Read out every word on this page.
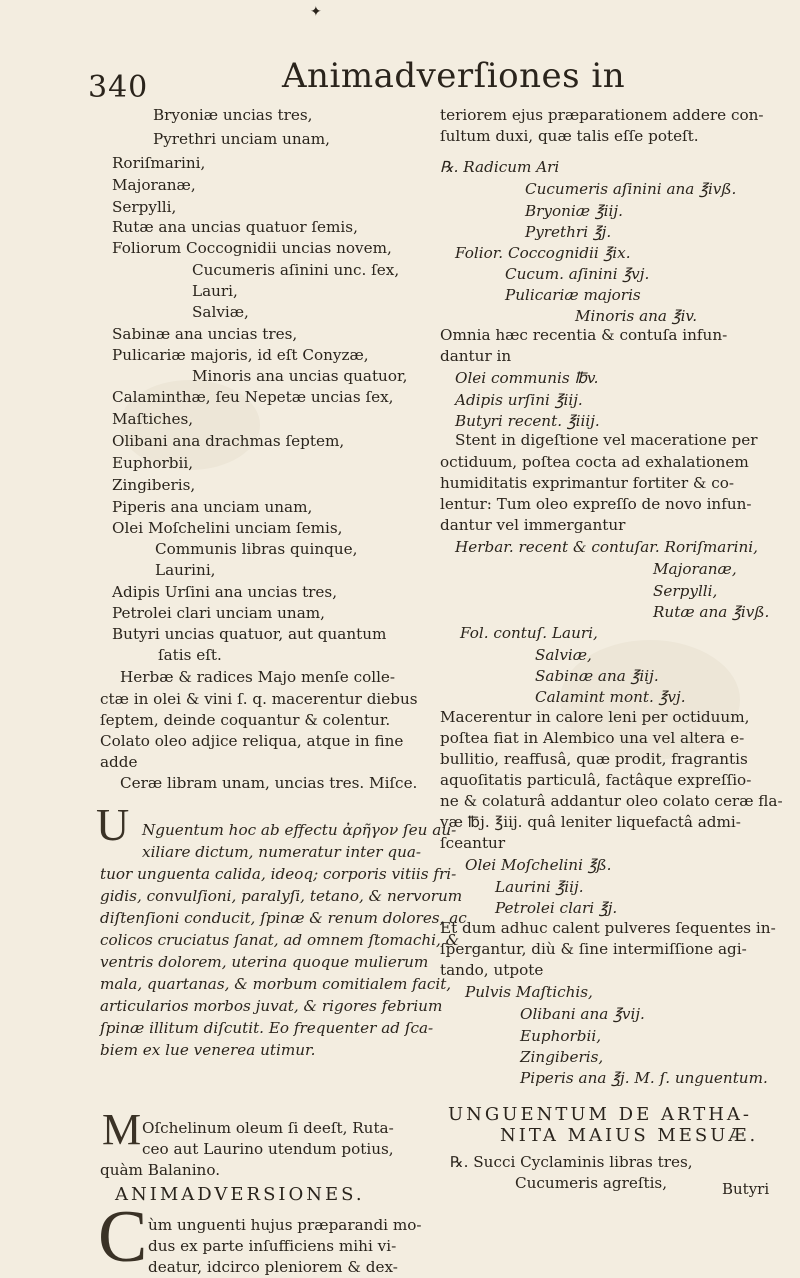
✦
340	Animadverſiones in
U
M
C
Bryoniæ uncias tres,
Pyrethri unciam unam,
Roriſmarini,
Majoranæ,
Serpylli,
Rutæ ana uncias quatuor ſemis,
Foliorum Coccognidii uncias novem,
Cucumeris aſinini unc. ſex,
Lauri,
Salviæ,
Sabinæ ana uncias tres,
Pulicariæ majoris, id eſt Conyzæ,
Minoris ana uncias quatuor,
Calaminthæ, ſeu Nepetæ uncias ſex,
Maſtiches,
Olibani ana drachmas ſeptem,
Euphorbii,
Zingiberis,
Piperis ana unciam unam,
Olei Moſchelini unciam ſemis,
Communis libras quinque,
Laurini,
Adipis Urſini ana uncias tres,
Petrolei clari unciam unam,
Butyri uncias quatuor, aut quantum
ſatis eſt.
Herbæ & radices Majo menſe colle-
ctæ in olei & vini ſ. q. macerentur diebus
ſeptem, deinde coquantur & colentur.
Colato oleo adjice reliqua, atque in fine
adde
Ceræ libram unam, uncias tres. Miſce.
Nguentum hoc ab effectu ἀρῆγον ſeu au-
xiliare dictum, numeratur inter qua-
tuor unguenta calida, ideoq; corporis vitiis fri-
gidis, convulſioni, paralyſi, tetano, & nervorum
diſtenſioni conducit, ſpinæ & renum dolores, ac
colicos cruciatus ſanat, ad omnem ſtomachi, &
ventris dolorem, uterina quoque mulierum
mala, quartanas, & morbum comitialem facit,
articularios morbos juvat, & rigores febrium
ſpinæ illitum diſcutit. Eo frequenter ad ſca-
biem ex lue venerea utimur.
Oſchelinum oleum ſi deeſt, Ruta-
ceo aut Laurino utendum potius,
quàm Balanino.
ANIMADVERSIONES.
ùm unguenti hujus præparandi mo-
dus ex parte inſufficiens mihi vi-
deatur, idcirco pleniorem & dex-
teriorem ejus præparationem addere con-
ſultum duxi, quæ talis eſſe poteſt.
℞. Radicum Ari
Cucumeris aſinini ana ℥ivß.
Bryoniæ ℥iij.
Pyrethri ℥j.
Folior. Coccognidii ℥ix.
Cucum. aſinini ℥vj.
Pulicariæ majoris
Minoris ana ℥iv.
Omnia hæc recentia & contuſa infun-
dantur in
Olei communis ℔v.
Adipis urſini ℥iij.
Butyri recent. ℥iiij.
Stent in digeſtione vel maceratione per
octiduum, poſtea cocta ad exhalationem
humiditatis exprimantur fortiter & co-
lentur: Tum oleo expreſſo de novo infun-
dantur vel immergantur
Herbar. recent & contuſar. Roriſmarini,
Majoranæ,
Serpylli,
Rutæ ana ℥ivß.
Fol. contuſ. Lauri,
Salviæ,
Sabinæ ana ℥iij.
Calamint mont. ℥vj.
Macerentur in calore leni per octiduum,
poſtea fiat in Alembico una vel altera e-
bullitio, reaffusâ, quæ prodit, fragrantis
aquoſitatis particulâ, factâque expreſſio-
ne & colaturâ addantur oleo colato ceræ fla-
væ ℔j. ℥iij. quâ leniter liquefactâ admi-
ſceantur
Olei Moſchelini ℥ß.
Laurini ℥iij.
Petrolei clari ℥j.
Et dum adhuc calent pulveres ſequentes in-
ſpergantur, diù & ſine intermiſſione agi-
tando, utpote
Pulvis Maſtichis,
Olibani ana ℥vij.
Euphorbii,
Zingiberis,
Piperis ana ℥j. M. ſ. unguentum.
UNGUENTUM DE ARTHA-
NITA MAIUS MESUÆ.
℞. Succi Cyclaminis libras tres,
Cucumeris agreſtis,	Butyri
